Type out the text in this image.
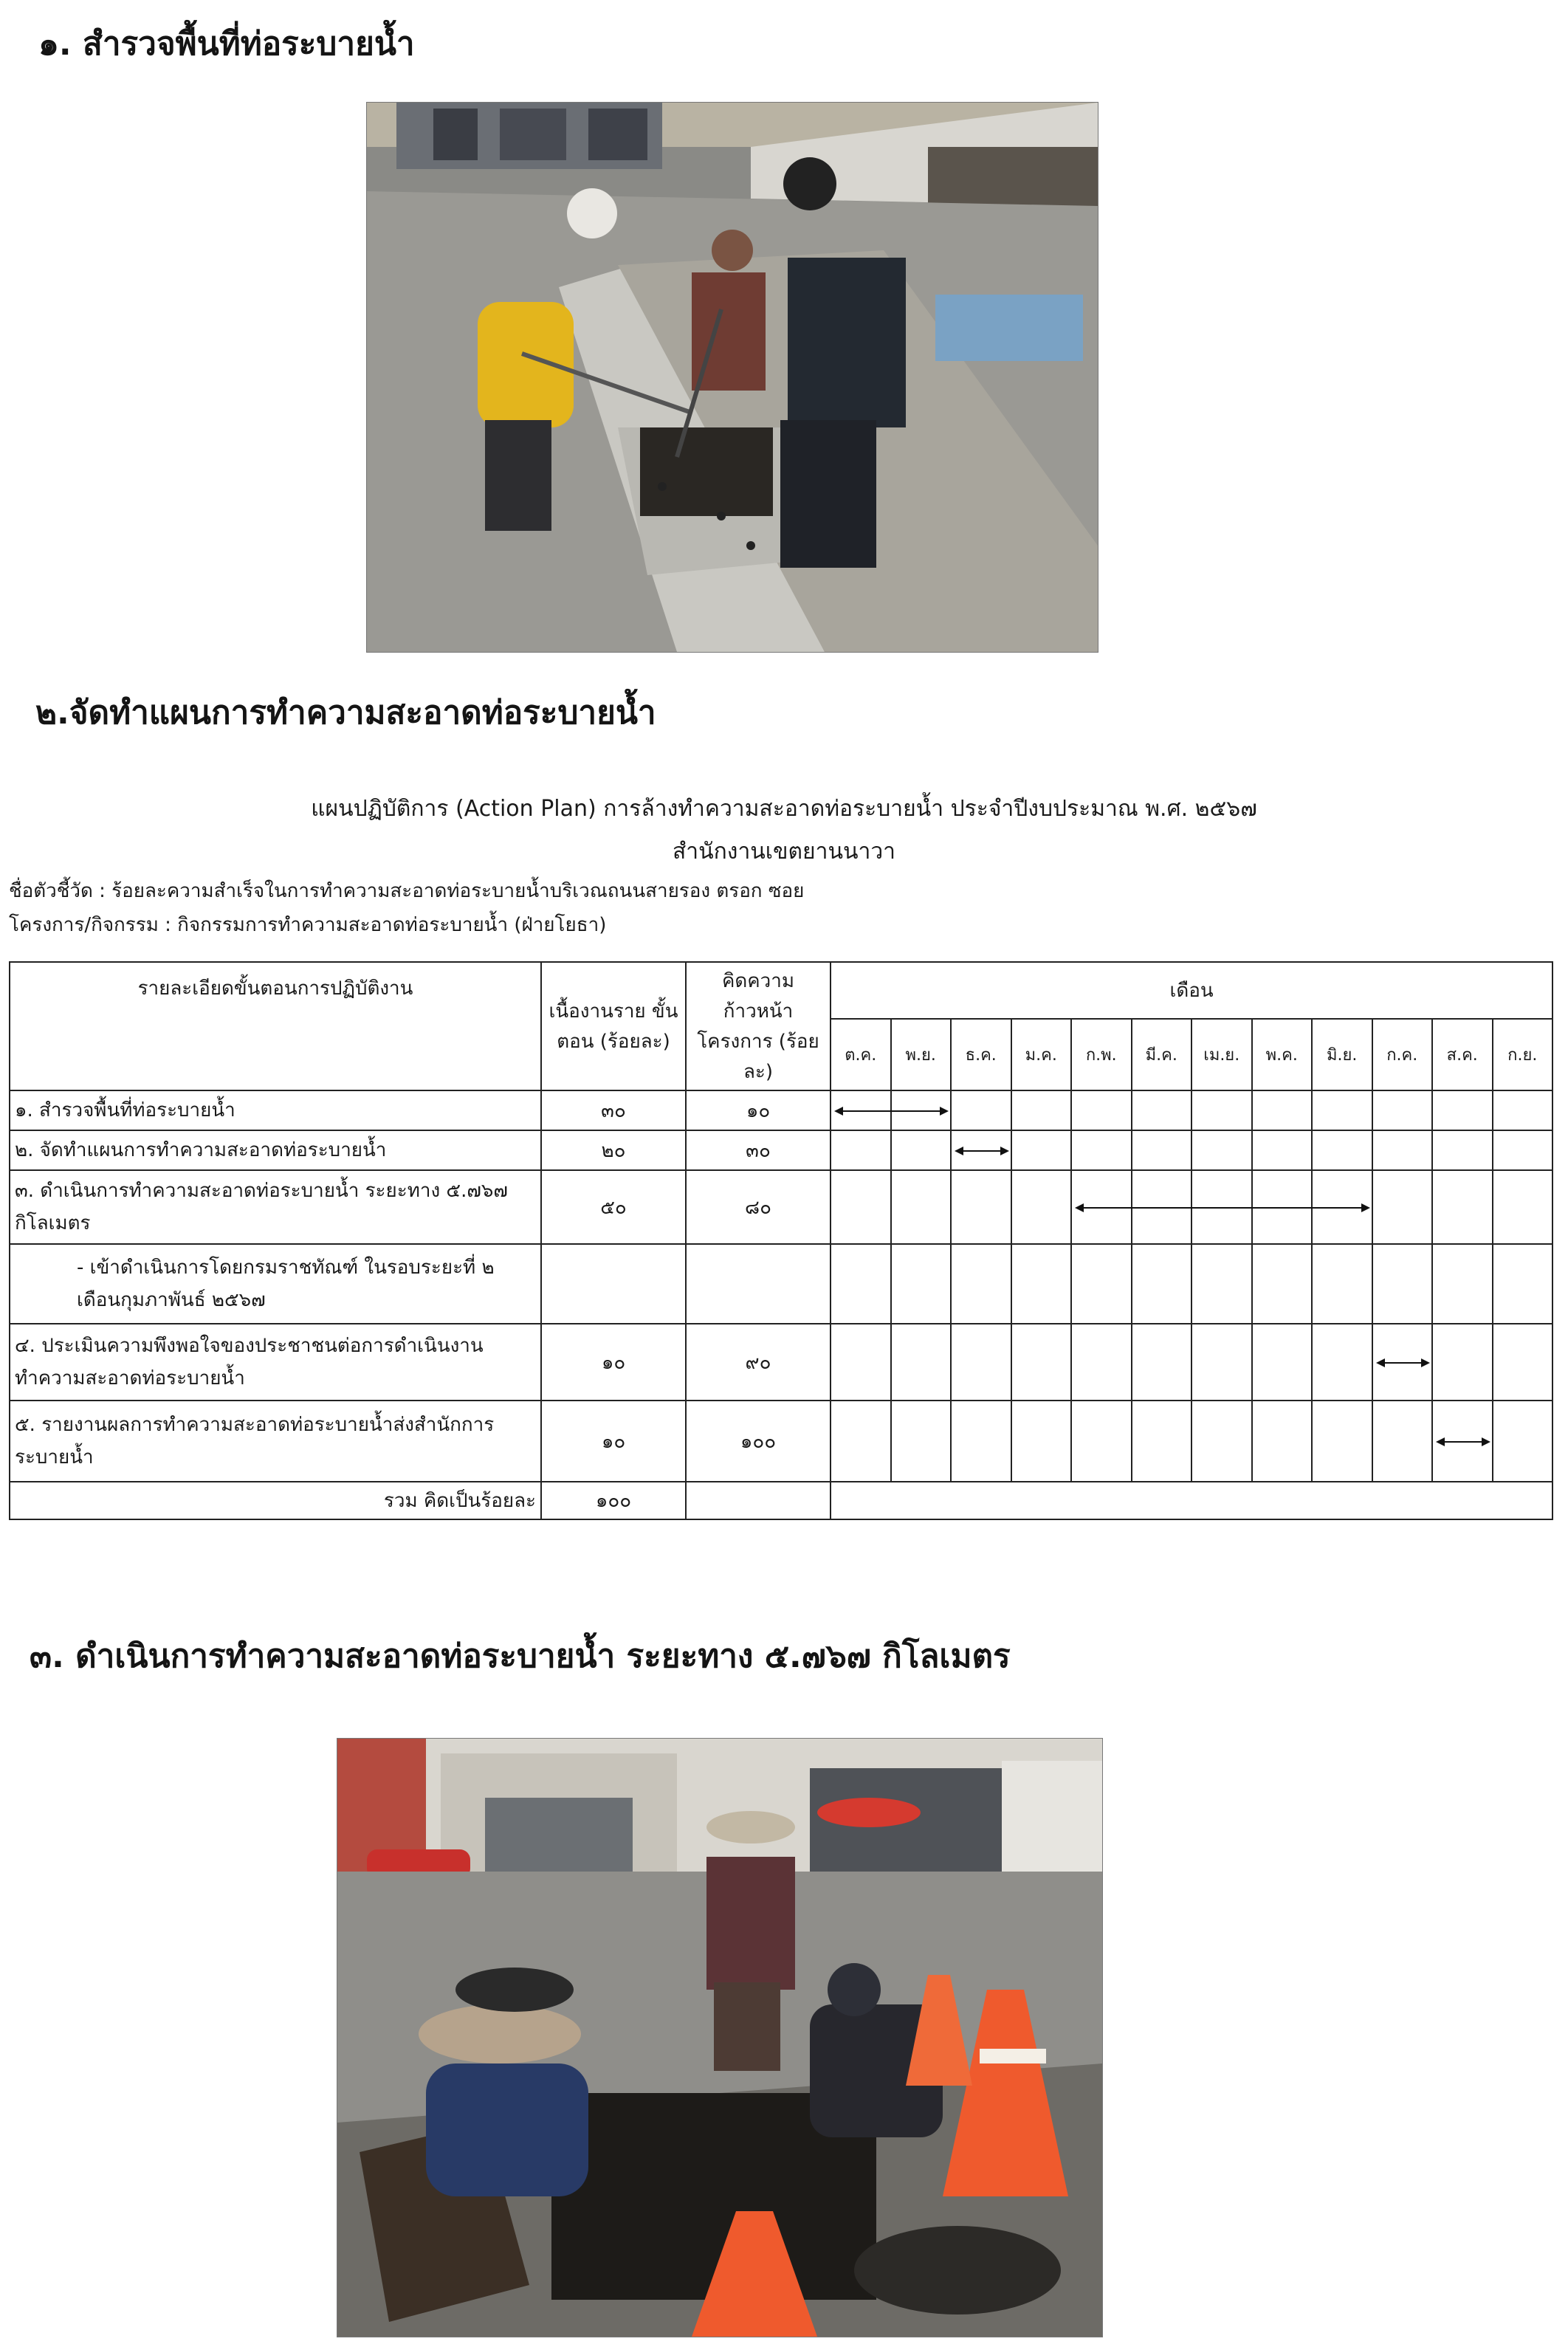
๑. สำรวจพื้นที่ท่อระบายน้ำ
๒.จัดทำแผนการทำความสะอาดท่อระบายน้ำ
แผนปฏิบัติการ (Action Plan) การล้างทำความสะอาดท่อระบายน้ำ ประจำปีงบประมาณ พ.ศ. ๒๕๖๗
สำนักงานเขตยานนาวา
ชื่อตัวชี้วัด : ร้อยละความสำเร็จในการทำความสะอาดท่อระบายน้ำบริเวณถนนสายรอง ตรอก ซอย
โครงการ/กิจกรรม : กิจกรรมการทำความสะอาดท่อระบายน้ำ (ฝ่ายโยธา)
รายละเอียดขั้นตอนการปฏิบัติงาน	เนื้องานราย ขั้นตอน (ร้อยละ)	คิดความก้าวหน้า โครงการ (ร้อยละ)	เดือน											
			ต.ค.	พ.ย.	ธ.ค.	ม.ค.	ก.พ.	มี.ค.	เม.ย.	พ.ค.	มิ.ย.	ก.ค.	ส.ค.	ก.ย.
๑. สำรวจพื้นที่ท่อระบายน้ำ	๓๐	๑๐	

๒. จัดทำแผนการทำความสะอาดท่อระบายน้ำ	๒๐	๓๐			

๓. ดำเนินการทำความสะอาดท่อระบายน้ำ ระยะทาง ๕.๗๖๗ กิโลเมตร	๕๐	๘๐					

- เข้าดำเนินการโดยกรมราชทัณฑ์ ในรอบระยะที่ ๒ เดือนกุมภาพันธ์ ๒๕๖๗														
๔. ประเมินความพึงพอใจของประชาชนต่อการดำเนินงาน ทำความสะอาดท่อระบายน้ำ	๑๐	๙๐										

๕. รายงานผลการทำความสะอาดท่อระบายน้ำส่งสำนักการ ระบายน้ำ	๑๐	๑๐๐											

รวม คิดเป็นร้อยละ	๑๐๐													
๓. ดำเนินการทำความสะอาดท่อระบายน้ำ ระยะทาง ๕.๗๖๗ กิโลเมตร
